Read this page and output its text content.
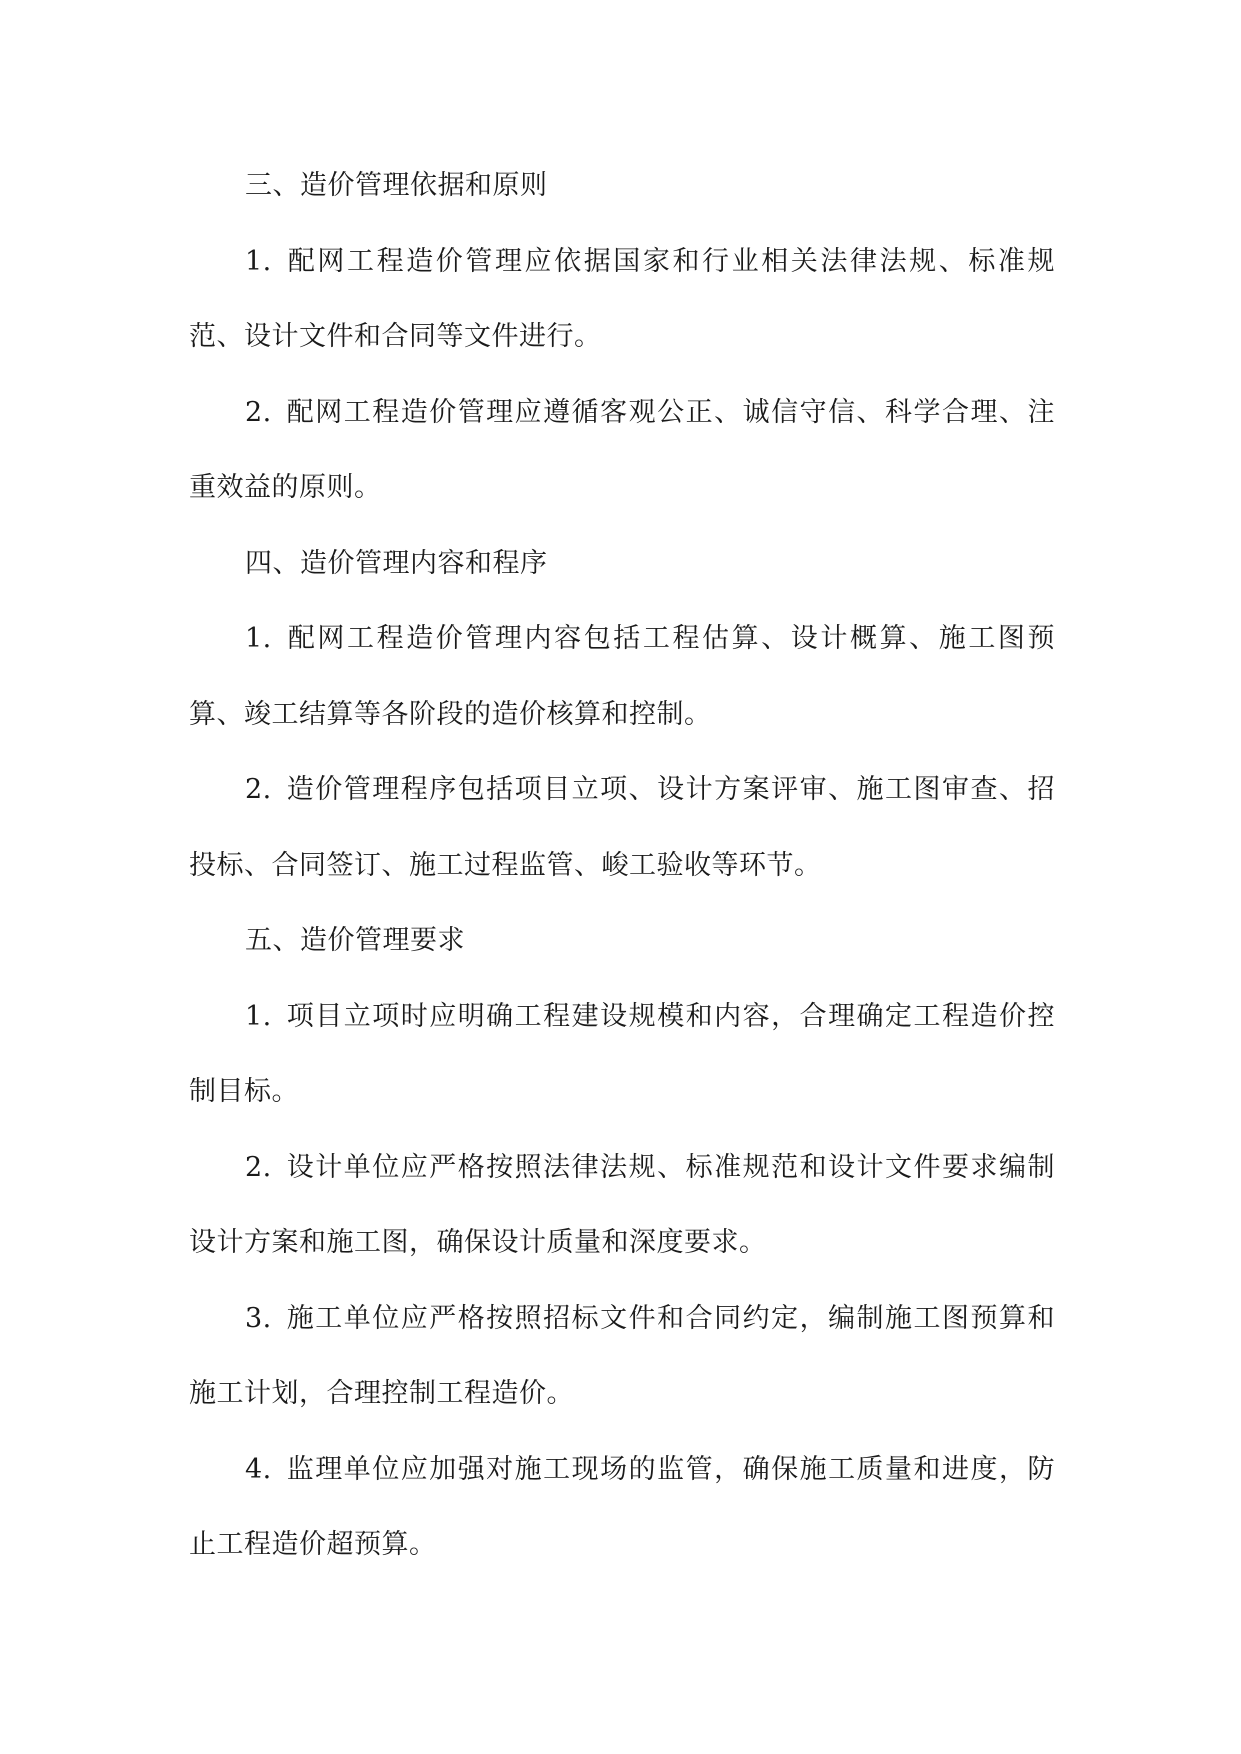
三、造价管理依据和原则

1. 配网工程造价管理应依据国家和行业相关法律法规、标准规范、设计文件和合同等文件进行。

2. 配网工程造价管理应遵循客观公正、诚信守信、科学合理、注重效益的原则。

四、造价管理内容和程序

1. 配网工程造价管理内容包括工程估算、设计概算、施工图预算、竣工结算等各阶段的造价核算和控制。

2. 造价管理程序包括项目立项、设计方案评审、施工图审查、招投标、合同签订、施工过程监管、峻工验收等环节。

五、造价管理要求

1. 项目立项时应明确工程建设规模和内容，合理确定工程造价控制目标。

2. 设计单位应严格按照法律法规、标准规范和设计文件要求编制设计方案和施工图，确保设计质量和深度要求。

3. 施工单位应严格按照招标文件和合同约定，编制施工图预算和施工计划，合理控制工程造价。

4. 监理单位应加强对施工现场的监管，确保施工质量和进度，防止工程造价超预算。
